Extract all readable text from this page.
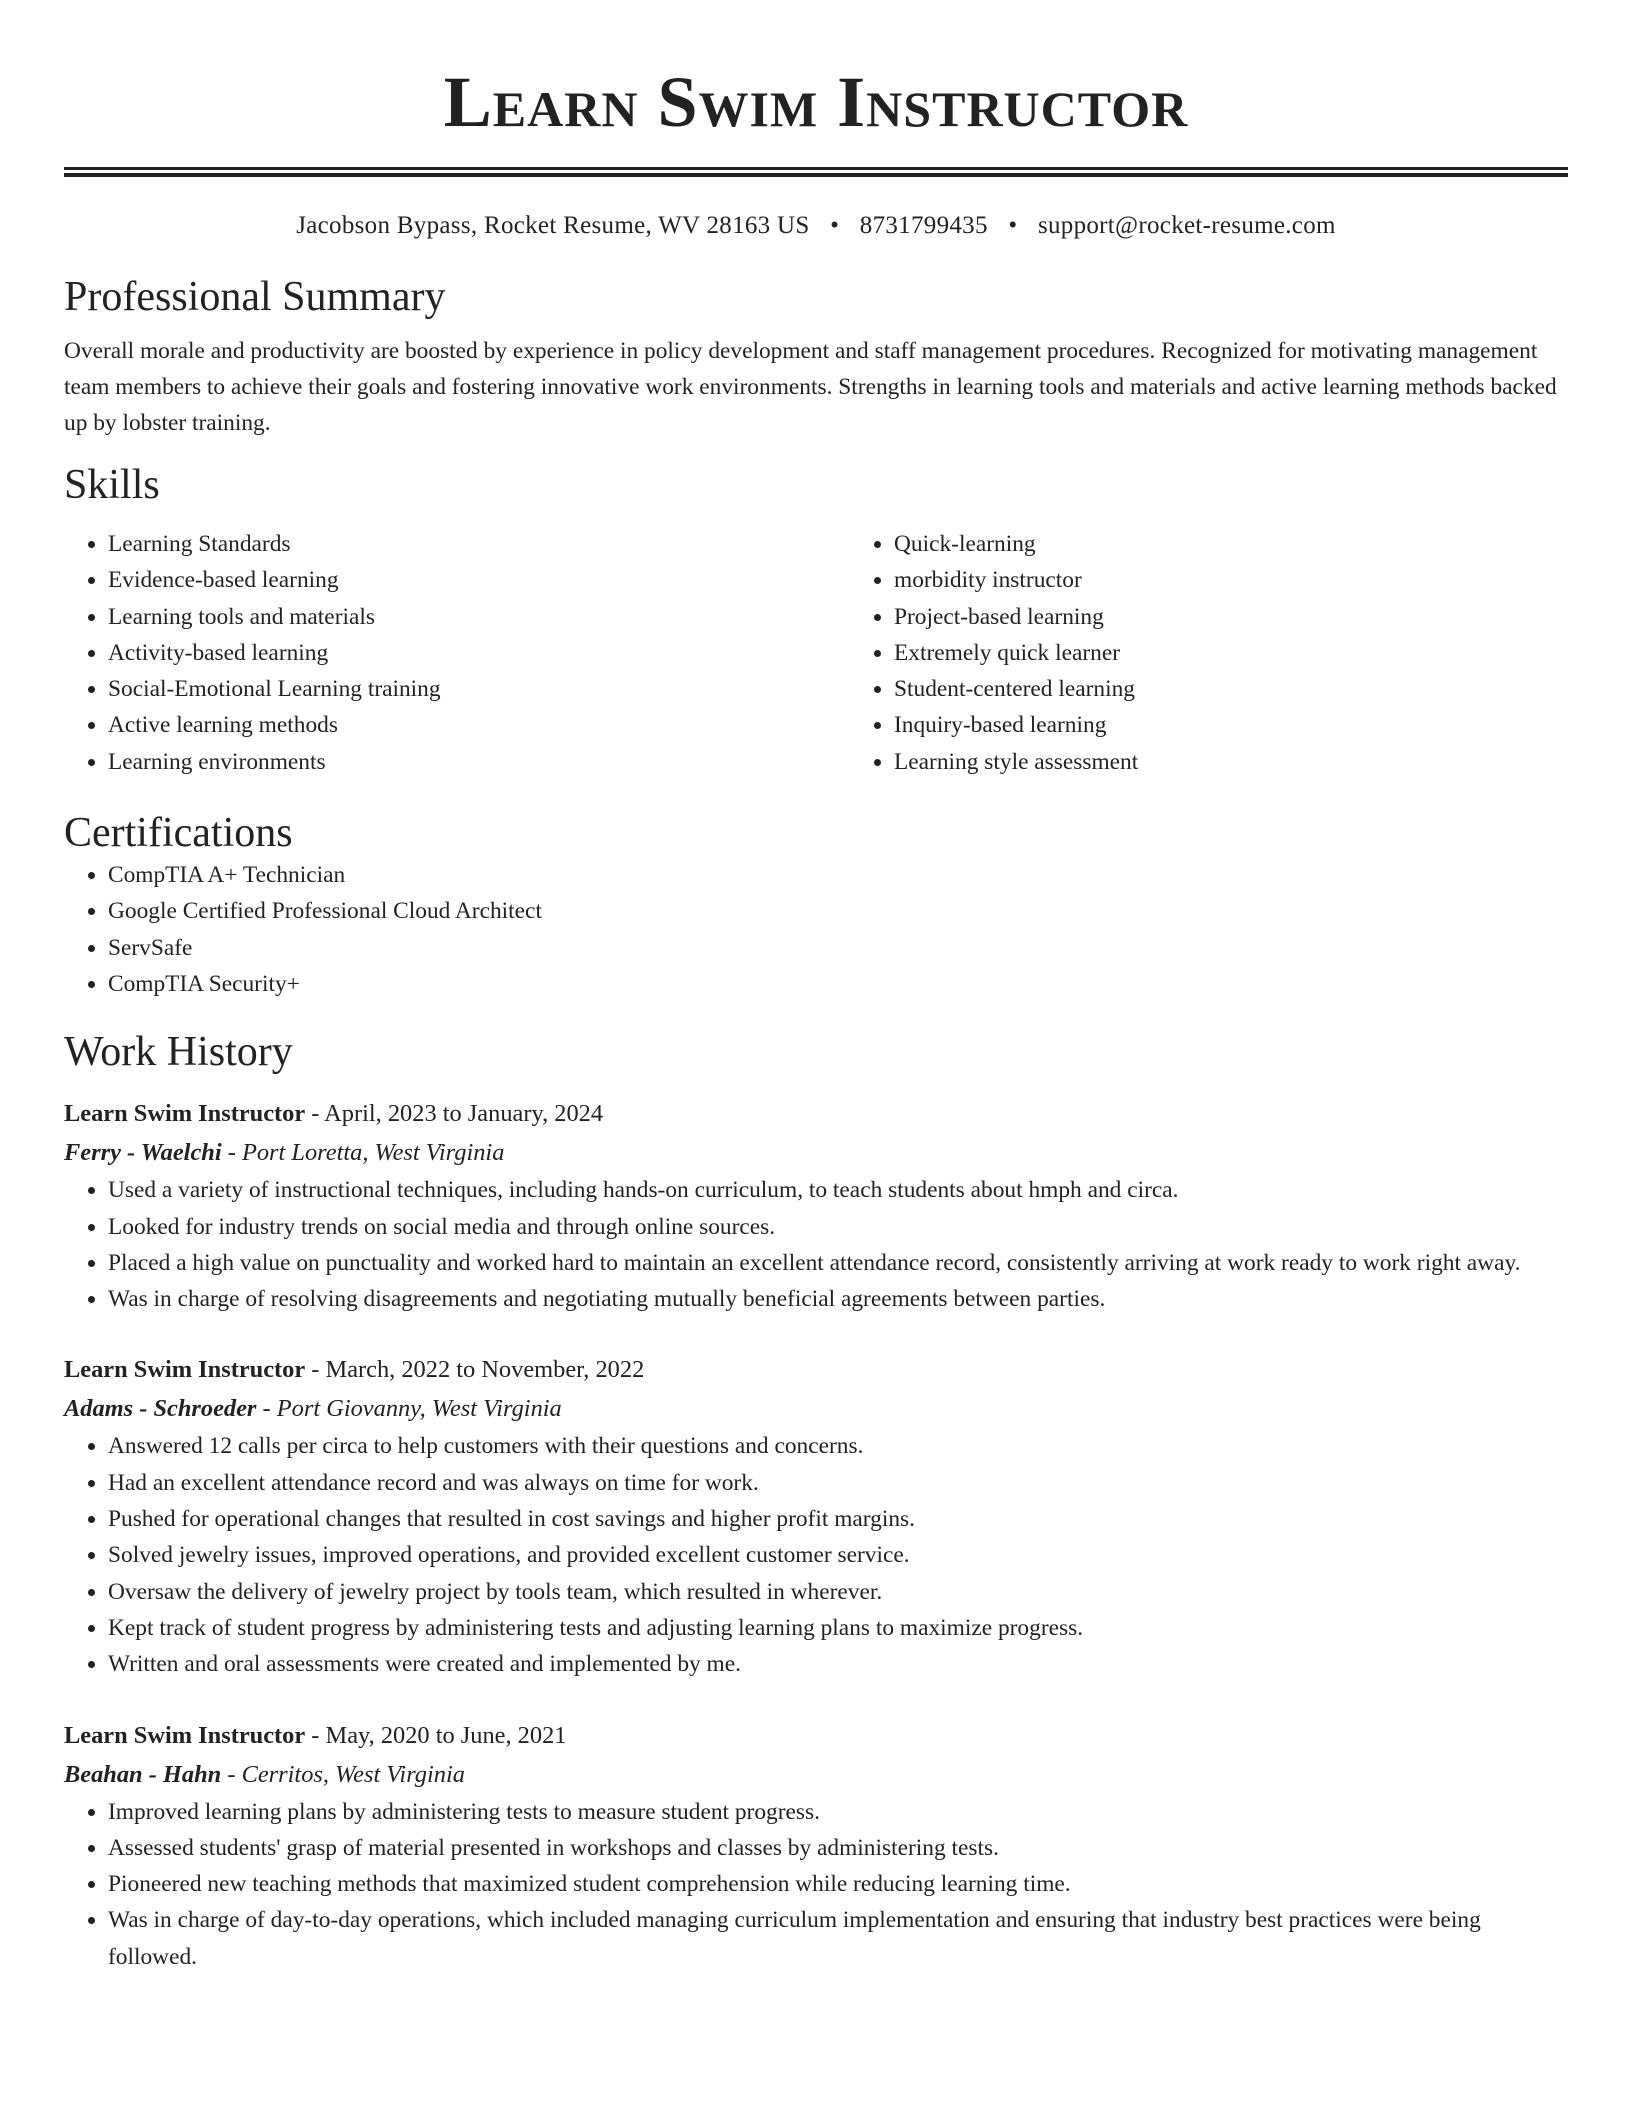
Learn Swim Instructor
Jacobson Bypass, Rocket Resume, WV 28163 US • 8731799435 • support@rocket-resume.com
Professional Summary

Overall morale and productivity are boosted by experience in policy development and staff management procedures. Recognized for motivating management team members to achieve their goals and fostering innovative work environments. Strengths in learning tools and materials and active learning methods backed up by lobster training.

Skills
• Learning Standards
• Evidence-based learning
• Learning tools and materials
• Activity-based learning
• Social-Emotional Learning training
• Active learning methods
• Learning environments
• Quick-learning
• morbidity instructor
• Project-based learning
• Extremely quick learner
• Student-centered learning
• Inquiry-based learning
• Learning style assessment
Certifications
• CompTIA A+ Technician
• Google Certified Professional Cloud Architect
• ServSafe
• CompTIA Security+
Work History
Learn Swim Instructor - April, 2023 to January, 2024
Ferry - Waelchi - Port Loretta, West Virginia
• Used a variety of instructional techniques, including hands-on curriculum, to teach students about hmph and circa.
• Looked for industry trends on social media and through online sources.
• Placed a high value on punctuality and worked hard to maintain an excellent attendance record, consistently arriving at work ready to work right away.
• Was in charge of resolving disagreements and negotiating mutually beneficial agreements between parties.
Learn Swim Instructor - March, 2022 to November, 2022
Adams - Schroeder - Port Giovanny, West Virginia
• Answered 12 calls per circa to help customers with their questions and concerns.
• Had an excellent attendance record and was always on time for work.
• Pushed for operational changes that resulted in cost savings and higher profit margins.
• Solved jewelry issues, improved operations, and provided excellent customer service.
• Oversaw the delivery of jewelry project by tools team, which resulted in wherever.
• Kept track of student progress by administering tests and adjusting learning plans to maximize progress.
• Written and oral assessments were created and implemented by me.
Learn Swim Instructor - May, 2020 to June, 2021
Beahan - Hahn - Cerritos, West Virginia
• Improved learning plans by administering tests to measure student progress.
• Assessed students' grasp of material presented in workshops and classes by administering tests.
• Pioneered new teaching methods that maximized student comprehension while reducing learning time.
• Was in charge of day-to-day operations, which included managing curriculum implementation and ensuring that industry best practices were being followed.
